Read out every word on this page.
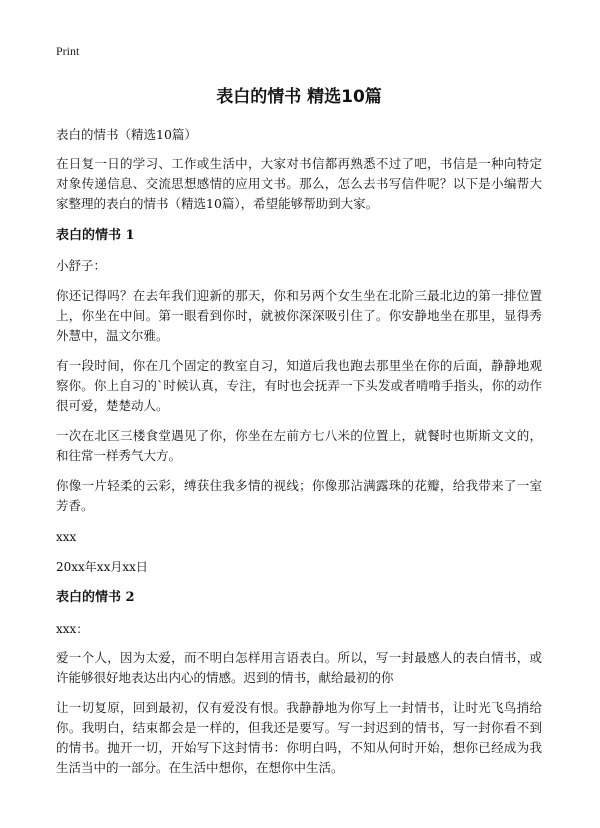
Print

表白的情书 精选10篇

表白的情书（精选10篇）

在日复一日的学习、工作或生活中，大家对书信都再熟悉不过了吧，书信是一种向特定对象传递信息、交流思想感情的应用文书。那么，怎么去书写信件呢？以下是小编帮大家整理的表白的情书（精选10篇），希望能够帮助到大家。

表白的情书 1

小舒子：

你还记得吗？在去年我们迎新的那天，你和另两个女生坐在北阶三最北边的第一排位置上，你坐在中间。第一眼看到你时，就被你深深吸引住了。你安静地坐在那里，显得秀外慧中，温文尔雅。

有一段时间，你在几个固定的教室自习，知道后我也跑去那里坐在你的后面，静静地观察你。你上自习的`时候认真，专注，有时也会抚弄一下头发或者啃啃手指头，你的动作很可爱，楚楚动人。

一次在北区三楼食堂遇见了你，你坐在左前方七八米的位置上，就餐时也斯斯文文的，和往常一样秀气大方。

你像一片轻柔的云彩，缚获住我多情的视线；你像那沾满露珠的花瓣，给我带来了一室芳香。

xxx

20xx年xx月xx日

表白的情书 2

xxx：

爱一个人，因为太爱，而不明白怎样用言语表白。所以，写一封最感人的表白情书，或许能够很好地表达出内心的情感。迟到的情书，献给最初的你

让一切复原，回到最初，仅有爱没有恨。我静静地为你写上一封情书，让时光飞鸟捎给你。我明白，结束都会是一样的，但我还是要写。写一封迟到的情书，写一封你看不到的情书。抛开一切，开始写下这封情书：你明白吗，不知从何时开始，想你已经成为我生活当中的一部分。在生活中想你，在想你中生活。
